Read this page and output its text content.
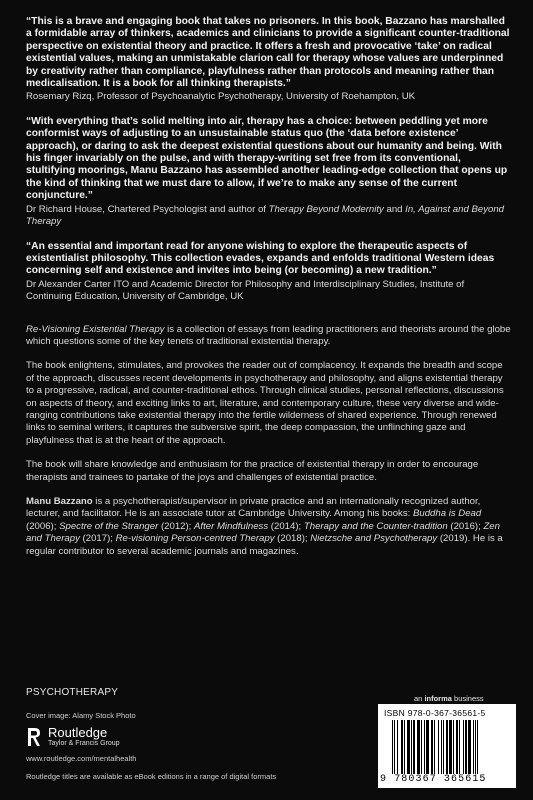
“This is a brave and engaging book that takes no prisoners. In this book, Bazzano has marshalled a formidable array of thinkers, academics and clinicians to provide a significant counter-traditional perspective on existential theory and practice. It offers a fresh and provocative ‘take’ on radical existential values, making an unmistakable clarion call for therapy whose values are underpinned by creativity rather than compliance, playfulness rather than protocols and meaning rather than medicalisation. It is a book for all thinking therapists.”

Rosemary Rizq, Professor of Psychoanalytic Psychotherapy, University of Roehampton, UK

“With everything that’s solid melting into air, therapy has a choice: between peddling yet more conformist ways of adjusting to an unsustainable status quo (the ‘data before existence’ approach), or daring to ask the deepest existential questions about our humanity and being. With his finger invariably on the pulse, and with therapy-writing set free from its conventional, stultifying moorings, Manu Bazzano has assembled another leading-edge collection that opens up the kind of thinking that we must dare to allow, if we’re to make any sense of the current conjuncture.”

Dr Richard House, Chartered Psychologist and author of Therapy Beyond Modernity and In, Against and Beyond Therapy

“An essential and important read for anyone wishing to explore the therapeutic aspects of existentialist philosophy. This collection evades, expands and enfolds traditional Western ideas concerning self and existence and invites into being (or becoming) a new tradition.”

Dr Alexander Carter ITO and Academic Director for Philosophy and Interdisciplinary Studies, Institute of Continuing Education, University of Cambridge, UK

Re-Visioning Existential Therapy is a collection of essays from leading practitioners and theorists around the globe which questions some of the key tenets of traditional existential therapy.

The book enlightens, stimulates, and provokes the reader out of complacency. It expands the breadth and scope of the approach, discusses recent developments in psychotherapy and philosophy, and aligns existential therapy to a progressive, radical, and counter-traditional ethos. Through clinical studies, personal reflections, discussions on aspects of theory, and exciting links to art, literature, and contemporary culture, these very diverse and wide-ranging contributions take existential therapy into the fertile wilderness of shared experience. Through renewed links to seminal writers, it captures the subversive spirit, the deep compassion, the unflinching gaze and playfulness that is at the heart of the approach.

The book will share knowledge and enthusiasm for the practice of existential therapy in order to encourage therapists and trainees to partake of the joys and challenges of existential practice.

Manu Bazzano is a psychotherapist/supervisor in private practice and an internationally recognized author, lecturer, and facilitator. He is an associate tutor at Cambridge University. Among his books: Buddha is Dead (2006); Spectre of the Stranger (2012); After Mindfulness (2014); Therapy and the Counter-tradition (2016); Zen and Therapy (2017); Re-visioning Person-centred Therapy (2018); Nietzsche and Psychotherapy (2019). He is a regular contributor to several academic journals and magazines.

PSYCHOTHERAPY
Cover image: Alamy Stock Photo
Routledge
Taylor & Francis Group
www.routledge.com/mentalhealth
Routledge titles are available as eBook editions in a range of digital formats
an informa business
ISBN 978-0-367-36561-5
9 780367 365615
